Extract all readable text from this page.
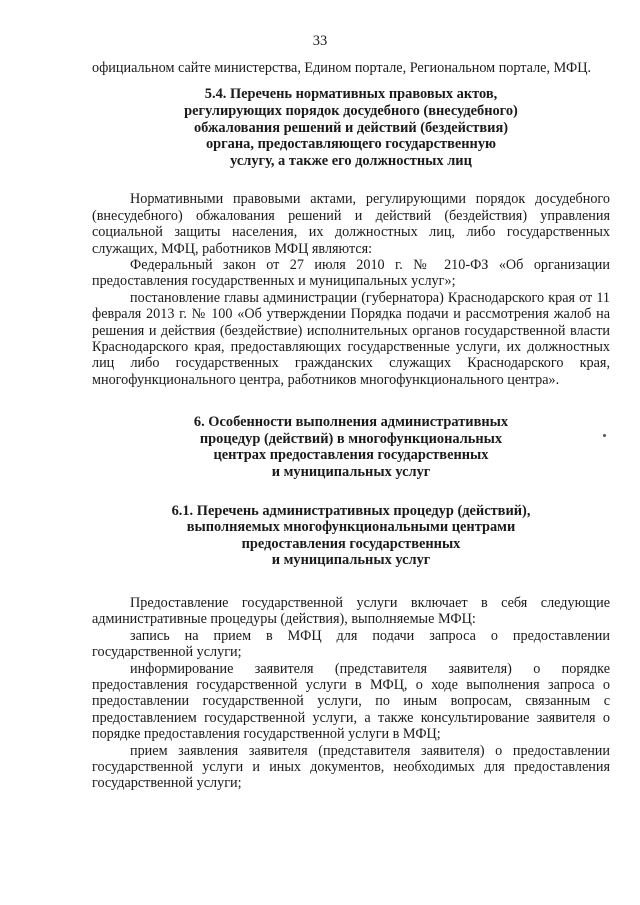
33

официальном сайте министерства, Едином портале, Региональном портале, МФЦ.

5.4. Перечень нормативных правовых актов,
регулирующих порядок досудебного (внесудебного)
обжалования решений и действий (бездействия)
органа, предоставляющего государственную
услугу, а также его должностных лиц

Нормативными правовыми актами, регулирующими порядок досудебного (внесудебного) обжалования решений и действий (бездействия) управления социальной защиты населения, их должностных лиц, либо государственных служащих, МФЦ, работников МФЦ являются:

Федеральный закон от 27 июля 2010 г. № 210-ФЗ «Об организации предоставления государственных и муниципальных услуг»;

постановление главы администрации (губернатора) Краснодарского края от 11 февраля 2013 г. № 100 «Об утверждении Порядка подачи и рассмотрения жалоб на решения и действия (бездействие) исполнительных органов государственной власти Краснодарского края, предоставляющих государственные услуги, их должностных лиц либо государственных гражданских служащих Краснодарского края, многофункционального центра, работников многофункционального центра».

6. Особенности выполнения административных
процедур (действий) в многофункциональных
центрах предоставления государственных
и муниципальных услуг
6.1. Перечень административных процедур (действий),
выполняемых многофункциональными центрами
предоставления государственных
и муниципальных услуг

Предоставление государственной услуги включает в себя следующие административные процедуры (действия), выполняемые МФЦ:

запись на прием в МФЦ для подачи запроса о предоставлении государственной услуги;

информирование заявителя (представителя заявителя) о порядке предоставления государственной услуги в МФЦ, о ходе выполнения запроса о предоставлении государственной услуги, по иным вопросам, связанным с предоставлением государственной услуги, а также консультирование заявителя о порядке предоставления государственной услуги в МФЦ;

прием заявления заявителя (представителя заявителя) о предоставлении государственной услуги и иных документов, необходимых для предоставления государственной услуги;
